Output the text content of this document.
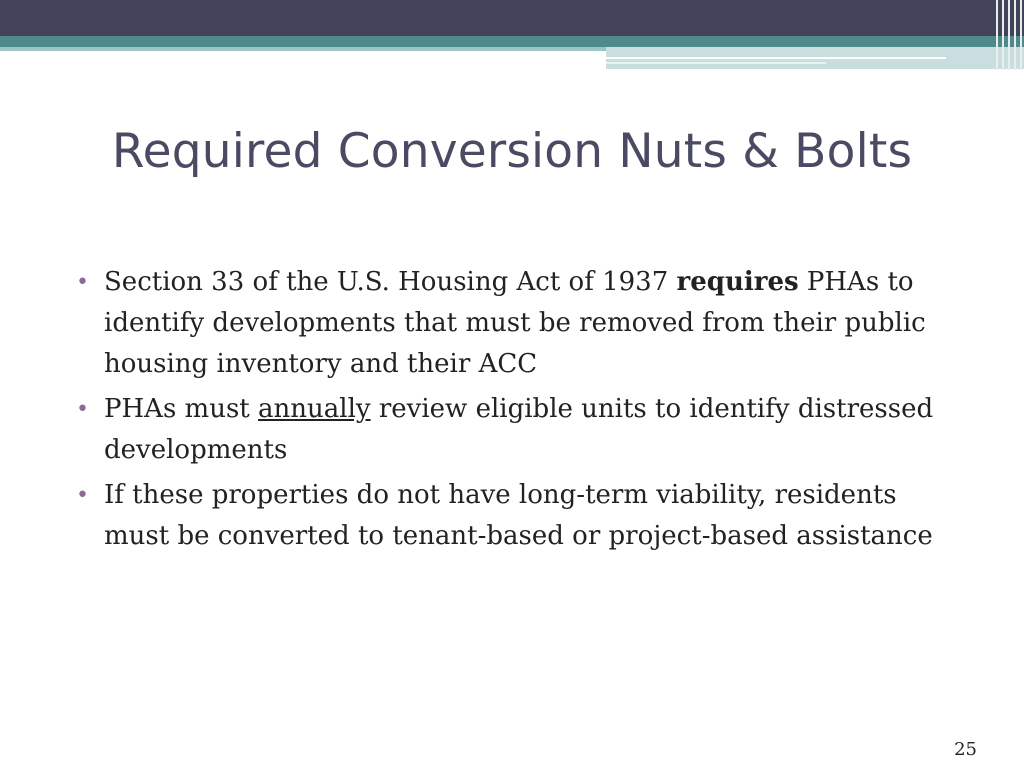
Required Conversion Nuts & Bolts
• Section 33 of the U.S. Housing Act of 1937 requires PHAs to identify developments that must be removed from their public housing inventory and their ACC
• PHAs must annually review eligible units to identify distressed developments
• If these properties do not have long-term viability, residents must be converted to tenant-based or project-based assistance
25
